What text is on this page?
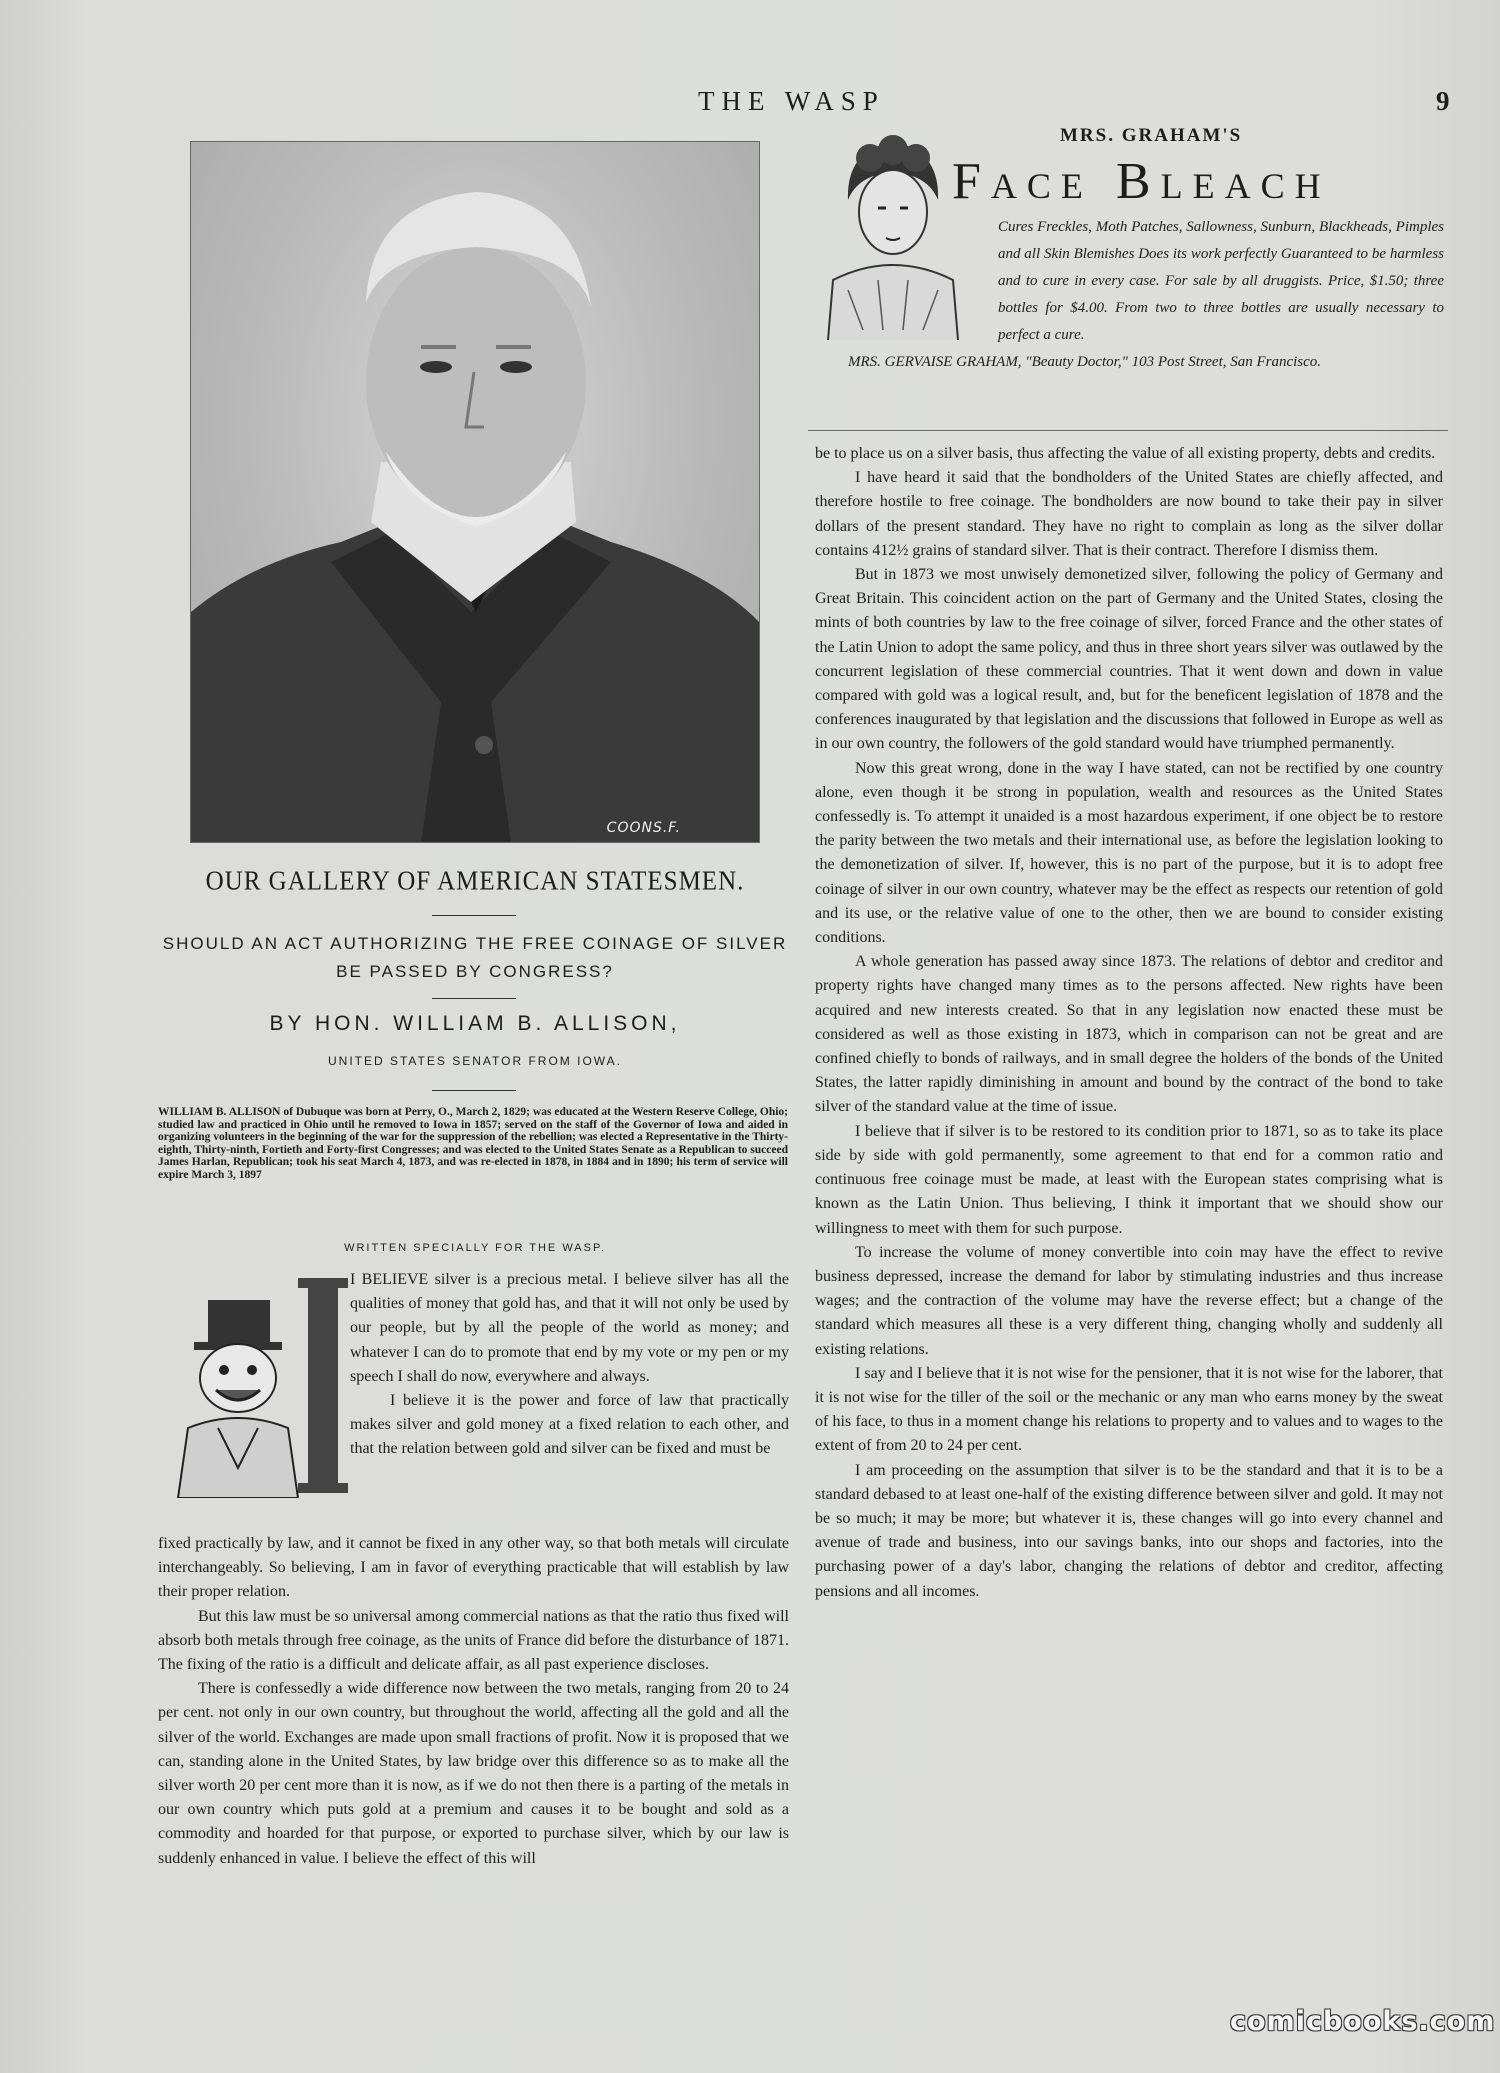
THE WASP	9
COONS.F.
OUR GALLERY OF AMERICAN STATESMEN.
SHOULD AN ACT AUTHORIZING THE FREE COINAGE OF SILVER BE PASSED BY CONGRESS?
BY HON. WILLIAM B. ALLISON,
UNITED STATES SENATOR FROM IOWA.
WILLIAM B. ALLISON of Dubuque was born at Perry, O., March 2, 1829; was educated at the Western Reserve College, Ohio; studied law and practiced in Ohio until he removed to Iowa in 1857; served on the staff of the Governor of Iowa and aided in organizing volunteers in the beginning of the war for the suppression of the rebellion; was elected a Representative in the Thirty-eighth, Thirty-ninth, Fortieth and Forty-first Congresses; and was elected to the United States Senate as a Republican to succeed James Harlan, Republican; took his seat March 4, 1873, and was re-elected in 1878, in 1884 and in 1890; his term of service will expire March 3, 1897
WRITTEN SPECIALLY FOR THE WASP.

I BELIEVE silver is a precious metal. I believe silver has all the qualities of money that gold has, and that it will not only be used by our people, but by all the people of the world as money; and whatever I can do to promote that end by my vote or my pen or my speech I shall do now, everywhere and always.

I believe it is the power and force of law that practically makes silver and gold money at a fixed relation to each other, and that the relation between gold and silver can be fixed and must be

fixed practically by law, and it cannot be fixed in any other way, so that both metals will circulate interchangeably. So believing, I am in favor of everything practicable that will establish by law their proper relation.

But this law must be so universal among commercial nations as that the ratio thus fixed will absorb both metals through free coinage, as the units of France did before the disturbance of 1871. The fixing of the ratio is a difficult and delicate affair, as all past experience discloses.

There is confessedly a wide difference now between the two metals, ranging from 20 to 24 per cent. not only in our own country, but throughout the world, affecting all the gold and all the silver of the world. Exchanges are made upon small fractions of profit. Now it is proposed that we can, standing alone in the United States, by law bridge over this difference so as to make all the silver worth 20 per cent more than it is now, as if we do not then there is a parting of the metals in our own country which puts gold at a premium and causes it to be bought and sold as a commodity and hoarded for that purpose, or exported to purchase silver, which by our law is suddenly enhanced in value. I believe the effect of this will

MRS. GRAHAM'S
Face Bleach
Cures Freckles, Moth Patches, Sallowness, Sunburn, Blackheads, Pimples and all Skin Blemishes Does its work perfectly Guaranteed to be harmless and to cure in every case. For sale by all druggists. Price, $1.50; three bottles for $4.00. From two to three bottles are usually necessary to perfect a cure.
MRS. GERVAISE GRAHAM, "Beauty Doctor," 103 Post Street, San Francisco.

be to place us on a silver basis, thus affecting the value of all existing property, debts and credits.

I have heard it said that the bondholders of the United States are chiefly affected, and therefore hostile to free coinage. The bondholders are now bound to take their pay in silver dollars of the present standard. They have no right to complain as long as the silver dollar contains 412½ grains of standard silver. That is their contract. Therefore I dismiss them.

But in 1873 we most unwisely demonetized silver, following the policy of Germany and Great Britain. This coincident action on the part of Germany and the United States, closing the mints of both countries by law to the free coinage of silver, forced France and the other states of the Latin Union to adopt the same policy, and thus in three short years silver was outlawed by the concurrent legislation of these commercial countries. That it went down and down in value compared with gold was a logical result, and, but for the beneficent legislation of 1878 and the conferences inaugurated by that legislation and the discussions that followed in Europe as well as in our own country, the followers of the gold standard would have triumphed permanently.

Now this great wrong, done in the way I have stated, can not be rectified by one country alone, even though it be strong in population, wealth and resources as the United States confessedly is. To attempt it unaided is a most hazardous experiment, if one object be to restore the parity between the two metals and their international use, as before the legislation looking to the demonetization of silver. If, however, this is no part of the purpose, but it is to adopt free coinage of silver in our own country, whatever may be the effect as respects our retention of gold and its use, or the relative value of one to the other, then we are bound to consider existing conditions.

A whole generation has passed away since 1873. The relations of debtor and creditor and property rights have changed many times as to the persons affected. New rights have been acquired and new interests created. So that in any legislation now enacted these must be considered as well as those existing in 1873, which in comparison can not be great and are confined chiefly to bonds of railways, and in small degree the holders of the bonds of the United States, the latter rapidly diminishing in amount and bound by the contract of the bond to take silver of the standard value at the time of issue.

I believe that if silver is to be restored to its condition prior to 1871, so as to take its place side by side with gold permanently, some agreement to that end for a common ratio and continuous free coinage must be made, at least with the European states comprising what is known as the Latin Union. Thus believing, I think it important that we should show our willingness to meet with them for such purpose.

To increase the volume of money convertible into coin may have the effect to revive business depressed, increase the demand for labor by stimulating industries and thus increase wages; and the contraction of the volume may have the reverse effect; but a change of the standard which measures all these is a very different thing, changing wholly and suddenly all existing relations.

I say and I believe that it is not wise for the pensioner, that it is not wise for the laborer, that it is not wise for the tiller of the soil or the mechanic or any man who earns money by the sweat of his face, to thus in a moment change his relations to property and to values and to wages to the extent of from 20 to 24 per cent.

I am proceeding on the assumption that silver is to be the standard and that it is to be a standard debased to at least one-half of the existing difference between silver and gold. It may not be so much; it may be more; but whatever it is, these changes will go into every channel and avenue of trade and business, into our savings banks, into our shops and factories, into the purchasing power of a day's labor, changing the relations of debtor and creditor, affecting pensions and all incomes.

comicbooks.com
